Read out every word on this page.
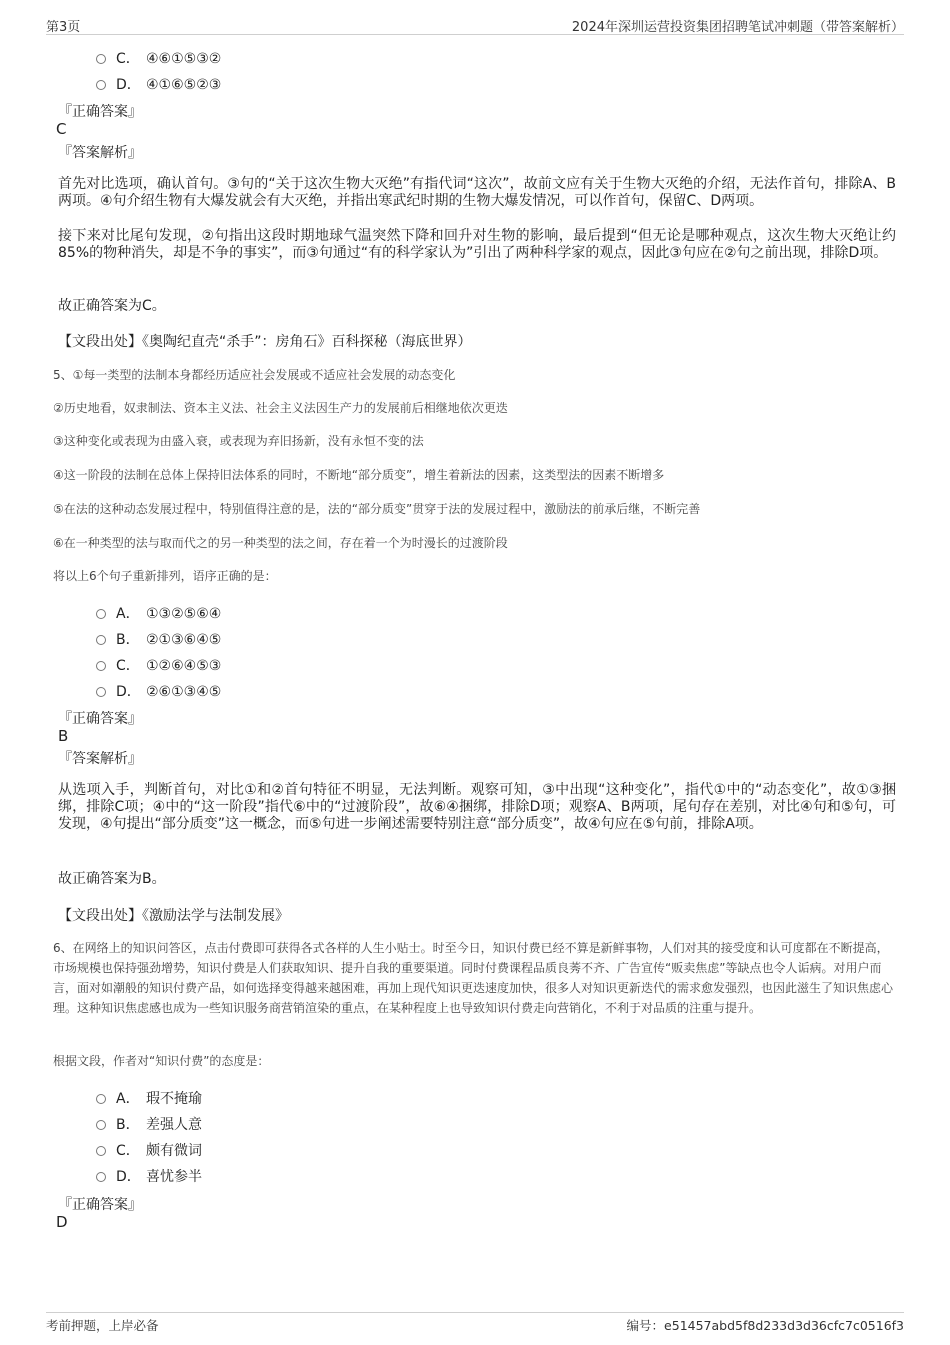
第3页	2024年深圳运营投资集团招聘笔试冲刺题（带答案解析）
C． ④⑥①⑤③②
D． ④①⑥⑤②③
『正确答案』
C
『答案解析』
首先对比选项，确认首句。③句的“关于这次生物大灭绝”有指代词“这次”，故前文应有关于生物大灭绝的介绍，无法作首句，排除A、B两项。④句介绍生物有大爆发就会有大灭绝，并指出寒武纪时期的生物大爆发情况，可以作首句，保留C、D两项。
接下来对比尾句发现，②句指出这段时期地球气温突然下降和回升对生物的影响，最后提到“但无论是哪种观点，这次生物大灭绝让约85%的物种消失，却是不争的事实”，而③句通过“有的科学家认为”引出了两种科学家的观点，因此③句应在②句之前出现，排除D项。
故正确答案为C。
【文段出处】《奥陶纪直壳“杀手”：房角石》百科探秘（海底世界）
5、①每一类型的法制本身都经历适应社会发展或不适应社会发展的动态变化
②历史地看，奴隶制法、资本主义法、社会主义法因生产力的发展前后相继地依次更迭
③这种变化或表现为由盛入衰，或表现为弃旧扬新，没有永恒不变的法
④这一阶段的法制在总体上保持旧法体系的同时，不断地“部分质变”，增生着新法的因素，这类型法的因素不断增多
⑤在法的这种动态发展过程中，特别值得注意的是，法的“部分质变”贯穿于法的发展过程中，激励法的前承后继，不断完善
⑥在一种类型的法与取而代之的另一种类型的法之间，存在着一个为时漫长的过渡阶段
将以上6个句子重新排列，语序正确的是：
A． ①③②⑤⑥④
B． ②①③⑥④⑤
C． ①②⑥④⑤③
D． ②⑥①③④⑤
『正确答案』
B
『答案解析』
从选项入手，判断首句，对比①和②首句特征不明显，无法判断。观察可知，③中出现“这种变化”，指代①中的“动态变化”，故①③捆绑，排除C项；④中的“这一阶段”指代⑥中的“过渡阶段”，故⑥④捆绑，排除D项；观察A、B两项，尾句存在差别，对比④句和⑤句，可发现，④句提出“部分质变”这一概念，而⑤句进一步阐述需要特别注意“部分质变”，故④句应在⑤句前，排除A项。
故正确答案为B。
【文段出处】《激励法学与法制发展》
6、在网络上的知识问答区，点击付费即可获得各式各样的人生小贴士。时至今日，知识付费已经不算是新鲜事物，人们对其的接受度和认可度都在不断提高，市场规模也保持强劲增势，知识付费是人们获取知识、提升自我的重要渠道。同时付费课程品质良莠不齐、广告宣传“贩卖焦虑”等缺点也令人诟病。对用户而言，面对如潮般的知识付费产品，如何选择变得越来越困难，再加上现代知识更迭速度加快，很多人对知识更新迭代的需求愈发强烈，也因此滋生了知识焦虑心理。这种知识焦虑感也成为一些知识服务商营销渲染的重点，在某种程度上也导致知识付费走向营销化，不利于对品质的注重与提升。
根据文段，作者对“知识付费”的态度是：
A． 瑕不掩瑜
B． 差强人意
C． 颇有微词
D． 喜忧参半
『正确答案』
D
考前押题，上岸必备	编号：e51457abd5f8d233d3d36cfc7c0516f3
